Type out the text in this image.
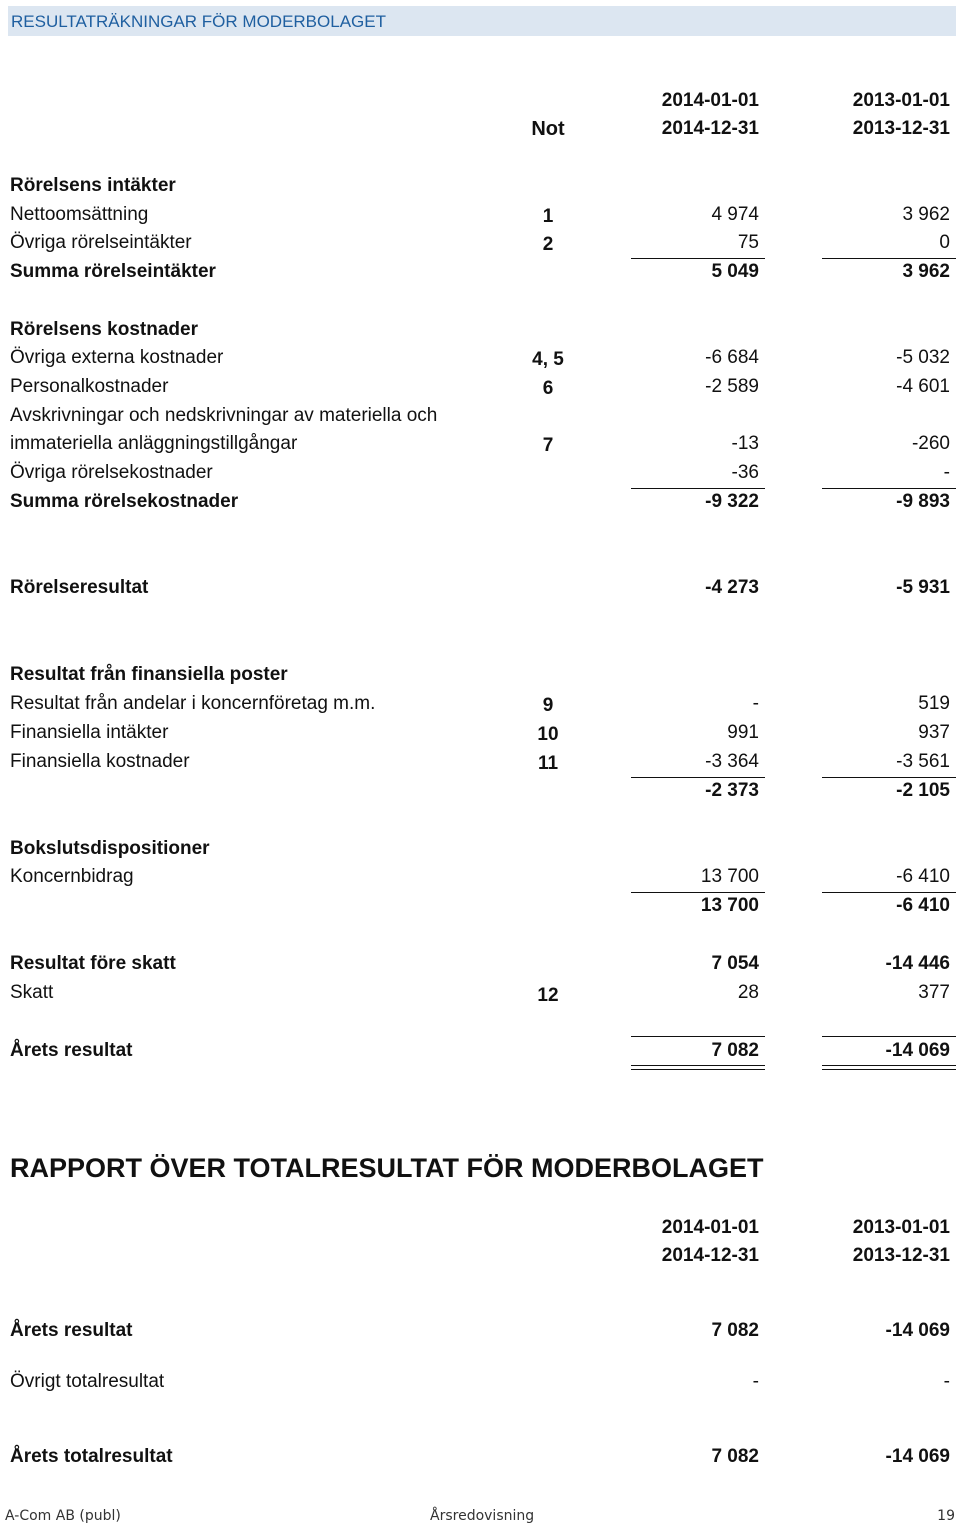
RESULTATRÄKNINGAR FÖR MODERBOLAGET
2014-01-01	2013-01-01
Not	2014-12-31	2013-12-31
Rörelsens intäkter
Nettoomsättning	1	4 974	3 962
Övriga rörelseintäkter	2	75	0
Summa rörelseintäkter	5 049	3 962
Rörelsens kostnader
Övriga externa kostnader	4, 5	-6 684	-5 032
Personalkostnader	6	-2 589	-4 601
Avskrivningar och nedskrivningar av materiella och
immateriella anläggningstillgångar	7	-13	-260
Övriga rörelsekostnader	-36	-
Summa rörelsekostnader	-9 322	-9 893
Rörelseresultat	-4 273	-5 931
Resultat från finansiella poster
Resultat från andelar i koncernföretag m.m.	9	-	519
Finansiella intäkter	10	991	937
Finansiella kostnader	11	-3 364	-3 561
-2 373	-2 105
Bokslutsdispositioner
Koncernbidrag	13 700	-6 410
13 700	-6 410
Resultat före skatt	7 054	-14 446
Skatt	12	28	377
Årets resultat	7 082	-14 069
RAPPORT ÖVER TOTALRESULTAT FÖR MODERBOLAGET
2014-01-01	2013-01-01
2014-12-31	2013-12-31
Årets resultat	7 082	-14 069
Övrigt totalresultat	-	-
Årets totalresultat	7 082	-14 069
A-Com AB (publ)	Årsredovisning	19
